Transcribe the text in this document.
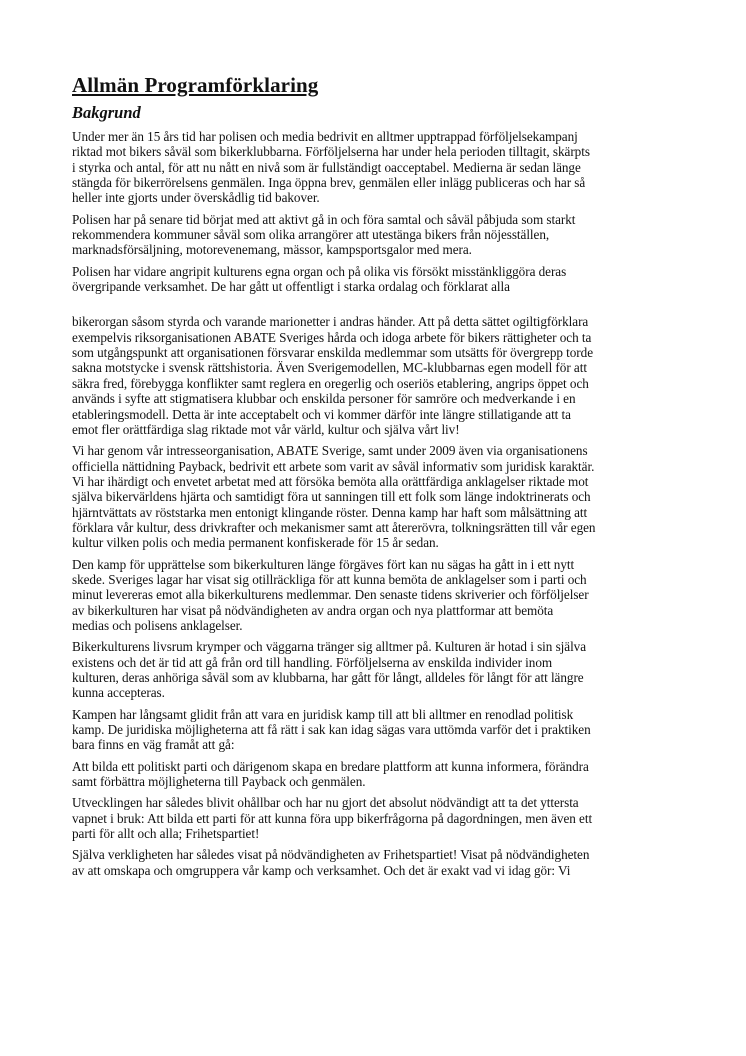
Allmän Programförklaring
Bakgrund

Under mer än 15 års tid har polisen och media bedrivit en alltmer upptrappad förföljelsekampanj
riktad mot bikers såväl som bikerklubbarna. Förföljelserna har under hela perioden tilltagit, skärpts
i styrka och antal, för att nu nått en nivå som är fullständigt oacceptabel. Medierna är sedan länge
stängda för bikerrörelsens genmälen. Inga öppna brev, genmälen eller inlägg publiceras och har så
heller inte gjorts under överskådlig tid bakover.

Polisen har på senare tid börjat med att aktivt gå in och föra samtal och såväl påbjuda som starkt
rekommendera kommuner såväl som olika arrangörer att utestänga bikers från nöjesställen,
marknadsförsäljning, motorevenemang, mässor, kampsportsgalor med mera.

Polisen har vidare angripit kulturens egna organ och på olika vis försökt misstänkliggöra deras
övergripande verksamhet. De har gått ut offentligt i starka ordalag och förklarat alla

bikerorgan såsom styrda och varande marionetter i andras händer. Att på detta sättet ogiltigförklara
exempelvis riksorganisationen ABATE Sveriges hårda och idoga arbete för bikers rättigheter och ta
som utgångspunkt att organisationen försvarar enskilda medlemmar som utsätts för övergrepp torde
sakna motstycke i svensk rättshistoria. Även Sverigemodellen, MC-klubbarnas egen modell för att
säkra fred, förebygga konflikter samt reglera en oregerlig och oseriös etablering, angrips öppet och
används i syfte att stigmatisera klubbar och enskilda personer för samröre och medverkande i en
etableringsmodell. Detta är inte acceptabelt och vi kommer därför inte längre stillatigande att ta
emot fler orättfärdiga slag riktade mot vår värld, kultur och själva vårt liv!

Vi har genom vår intresseorganisation, ABATE Sverige, samt under 2009 även via organisationens
officiella nättidning Payback, bedrivit ett arbete som varit av såväl informativ som juridisk karaktär.
Vi har ihärdigt och envetet arbetat med att försöka bemöta alla orättfärdiga anklagelser riktade mot
själva bikervärldens hjärta och samtidigt föra ut sanningen till ett folk som länge indoktrinerats och
hjärntvättats av röststarka men entonigt klingande röster. Denna kamp har haft som målsättning att
förklara vår kultur, dess drivkrafter och mekanismer samt att återerövra, tolkningsrätten till vår egen
kultur vilken polis och media permanent konfiskerade för 15 år sedan.

Den kamp för upprättelse som bikerkulturen länge förgäves fört kan nu sägas ha gått in i ett nytt
skede. Sveriges lagar har visat sig otillräckliga för att kunna bemöta de anklagelser som i parti och
minut levereras emot alla bikerkulturens medlemmar. Den senaste tidens skriverier och förföljelser
av bikerkulturen har visat på nödvändigheten av andra organ och nya plattformar att bemöta
medias och polisens anklagelser.

Bikerkulturens livsrum krymper och väggarna tränger sig alltmer på. Kulturen är hotad i sin själva
existens och det är tid att gå från ord till handling. Förföljelserna av enskilda individer inom
kulturen, deras anhöriga såväl som av klubbarna, har gått för långt, alldeles för långt för att längre
kunna accepteras.

Kampen har långsamt glidit från att vara en juridisk kamp till att bli alltmer en renodlad politisk
kamp. De juridiska möjligheterna att få rätt i sak kan idag sägas vara uttömda varför det i praktiken
bara finns en väg framåt att gå:

Att bilda ett politiskt parti och därigenom skapa en bredare plattform att kunna informera, förändra
samt förbättra möjligheterna till Payback och genmälen.

Utvecklingen har således blivit ohållbar och har nu gjort det absolut nödvändigt att ta det yttersta
vapnet i bruk: Att bilda ett parti för att kunna föra upp bikerfrågorna på dagordningen, men även ett
parti för allt och alla; Frihetspartiet!

Själva verkligheten har således visat på nödvändigheten av Frihetspartiet! Visat på nödvändigheten
av att omskapa och omgruppera vår kamp och verksamhet. Och det är exakt vad vi idag gör: Vi
